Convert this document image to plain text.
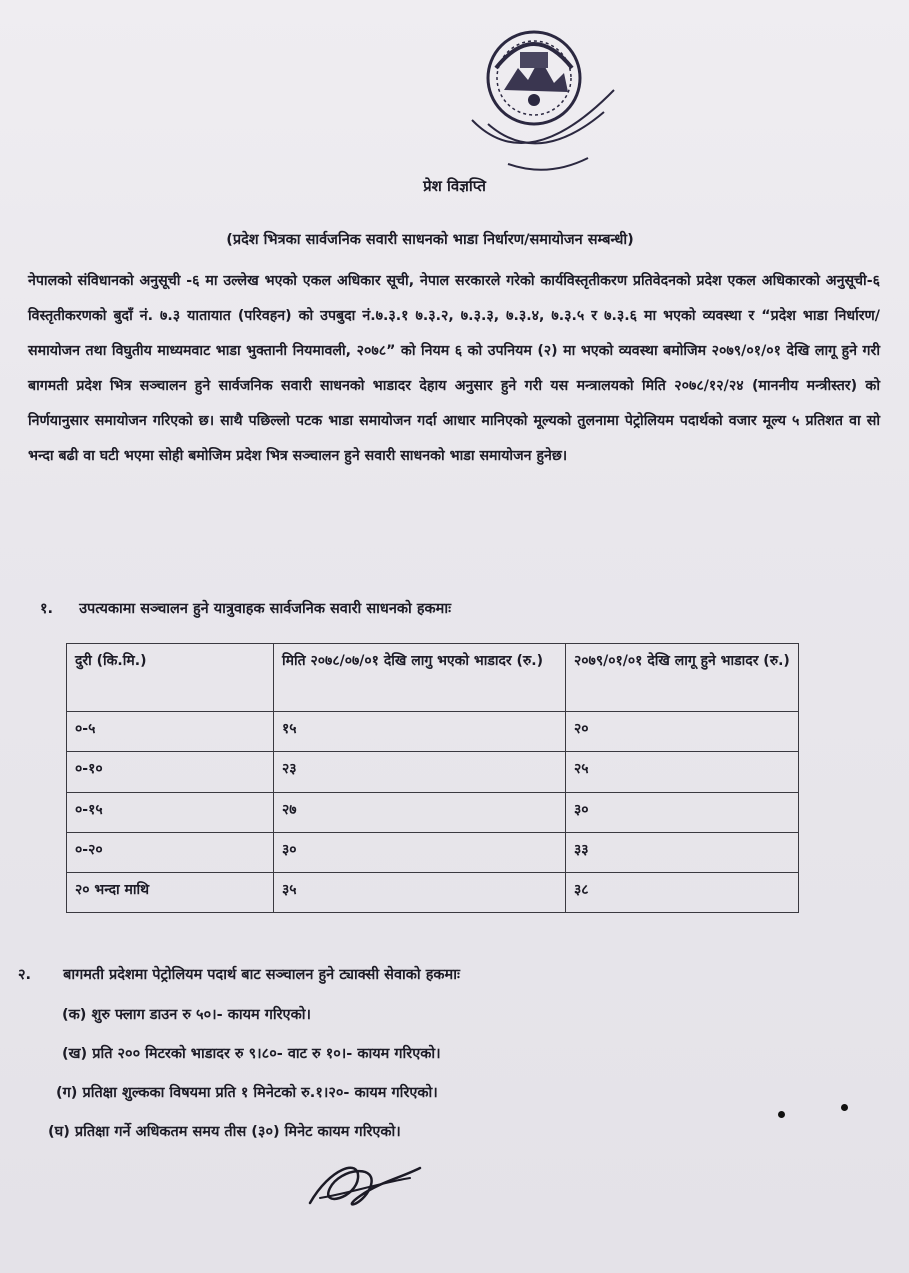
प्रेश विज्ञप्ति
(प्रदेश भित्रका सार्वजनिक सवारी साधनको भाडा निर्धारण/समायोजन सम्बन्धी)
नेपालको संविधानको अनुसूची -६ मा उल्लेख भएको एकल अधिकार सूची, नेपाल सरकारले गरेको कार्यविस्तृतीकरण प्रतिवेदनको प्रदेश एकल अधिकारको अनुसूची-६ विस्तृतीकरणको बुदाँ नं. ७.३ यातायात (परिवहन) को उपबुदा नं.७.३.१ ७.३.२, ७.३.३, ७.३.४, ७.३.५ र ७.३.६ मा भएको व्यवस्था र “प्रदेश भाडा निर्धारण/समायोजन तथा विघुतीय माध्यमवाट भाडा भुक्तानी नियमावली, २०७८” को नियम ६ को उपनियम (२) मा भएको व्यवस्था बमोजिम २०७९/०१/०१ देखि लागू हुने गरी बागमती प्रदेश भित्र सञ्चालन हुने सार्वजनिक सवारी साधनको भाडादर देहाय अनुसार हुने गरी यस मन्त्रालयको मिति २०७८/१२/२४ (माननीय मन्त्रीस्तर) को निर्णयानुसार समायोजन गरिएको छ। साथै पछिल्लो पटक भाडा समायोजन गर्दा आधार मानिएको मूल्यको तुलनामा पेट्रोलियम पदार्थको वजार मूल्य ५ प्रतिशत वा सो भन्दा बढी वा घटी भएमा सोही बमोजिम प्रदेश भित्र सञ्चालन हुने सवारी साधनको भाडा समायोजन हुनेछ।
१. उपत्यकामा सञ्चालन हुने यात्रुवाहक सार्वजनिक सवारी साधनको हकमाः
दुरी (कि.मि.)	मिति २०७८/०७/०१ देखि लागु भएको भाडादर (रु.)	२०७९/०१/०१ देखि लागू हुने भाडादर (रु.)
०-५	१५	२०
०-१०	२३	२५
०-१५	२७	३०
०-२०	३०	३३
२० भन्दा माथि	३५	३८
२. बागमती प्रदेशमा पेट्रोलियम पदार्थ बाट सञ्चालन हुने ट्याक्सी सेवाको हकमाः
(क) शुरु फ्लाग डाउन रु ५०।- कायम गरिएको।
(ख) प्रति २०० मिटरको भाडादर रु ९।८०- वाट रु १०।- कायम गरिएको।
(ग) प्रतिक्षा शुल्कका विषयमा प्रति १ मिनेटको रु.१।२०- कायम गरिएको।
(घ) प्रतिक्षा गर्ने अधिकतम समय तीस (३०) मिनेट कायम गरिएको।
